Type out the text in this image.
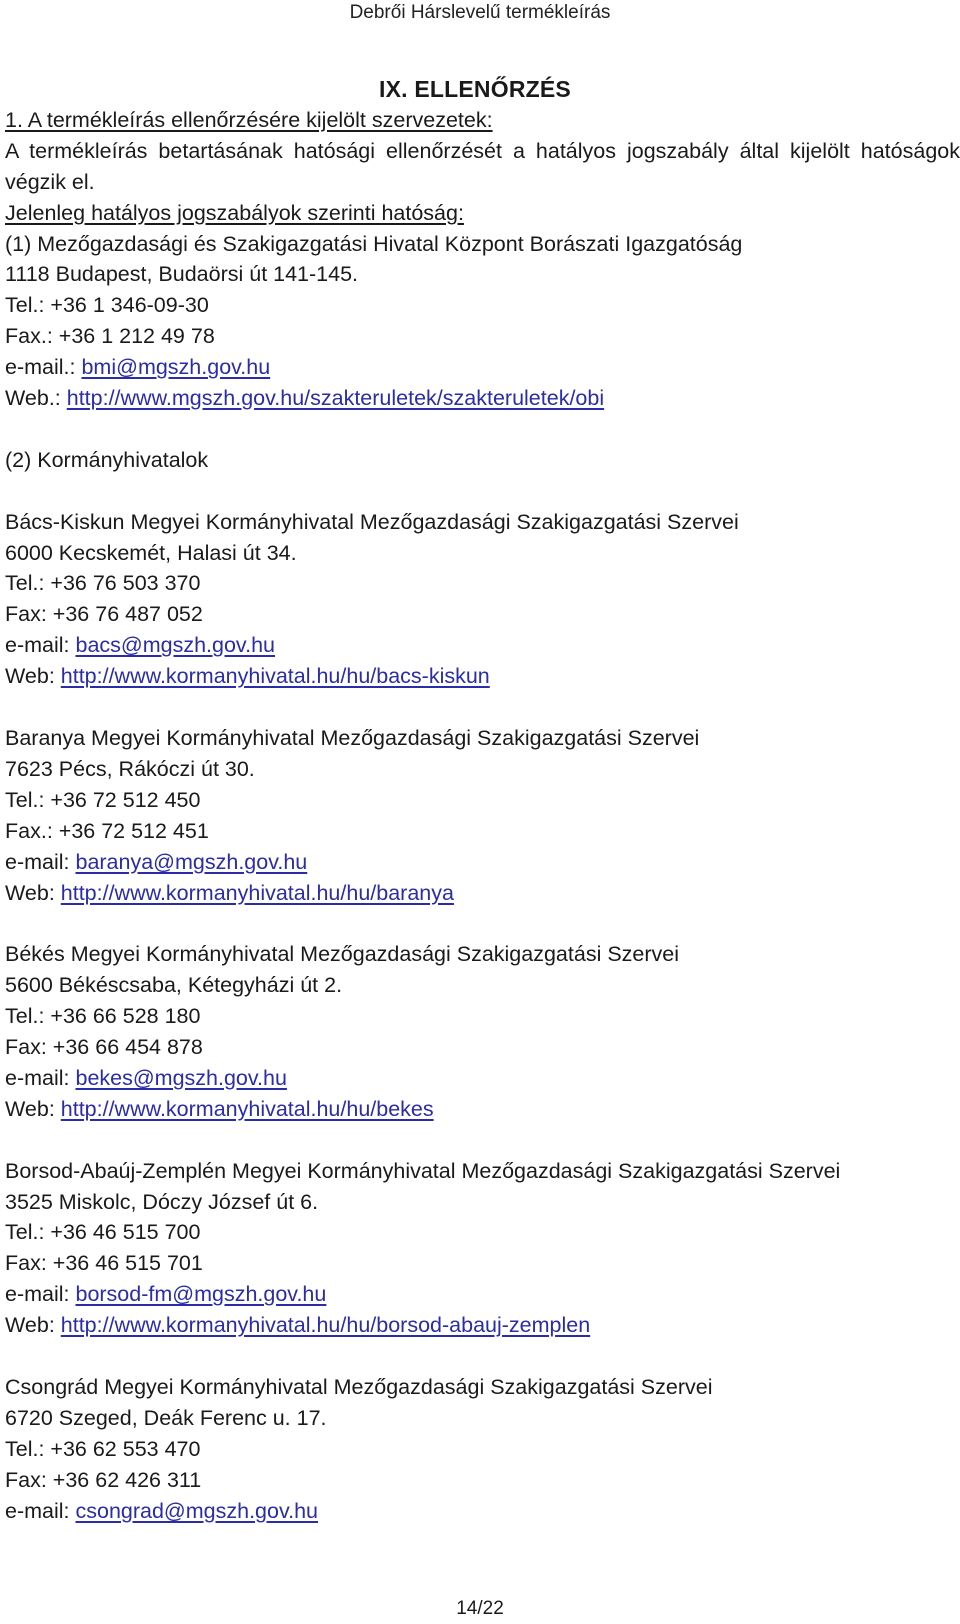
Debrői Hárslevelű termékleírás
IX. ELLENŐRZÉS
1. A termékleírás ellenőrzésére kijelölt szervezetek:
A termékleírás betartásának hatósági ellenőrzését a hatályos jogszabály által kijelölt hatóságok végzik el.
Jelenleg hatályos jogszabályok szerinti hatóság:
(1) Mezőgazdasági és Szakigazgatási Hivatal Központ Borászati Igazgatóság
1118 Budapest, Budaörsi út 141-145.
Tel.: +36 1 346-09-30
Fax.: +36 1 212 49 78
e-mail.: bmi@mgszh.gov.hu
Web.: http://www.mgszh.gov.hu/szakteruletek/szakteruletek/obi
(2) Kormányhivatalok
Bács-Kiskun Megyei Kormányhivatal Mezőgazdasági Szakigazgatási Szervei
6000 Kecskemét, Halasi út 34.
Tel.: +36 76 503 370
Fax: +36 76 487 052
e-mail: bacs@mgszh.gov.hu
Web: http://www.kormanyhivatal.hu/hu/bacs-kiskun
Baranya Megyei Kormányhivatal Mezőgazdasági Szakigazgatási Szervei
7623 Pécs, Rákóczi út 30.
Tel.: +36 72 512 450
Fax.: +36 72 512 451
e-mail: baranya@mgszh.gov.hu
Web: http://www.kormanyhivatal.hu/hu/baranya
Békés Megyei Kormányhivatal Mezőgazdasági Szakigazgatási Szervei
5600 Békéscsaba, Kétegyházi út 2.
Tel.: +36 66 528 180
Fax: +36 66 454 878
e-mail: bekes@mgszh.gov.hu
Web: http://www.kormanyhivatal.hu/hu/bekes
Borsod-Abaúj-Zemplén Megyei Kormányhivatal Mezőgazdasági Szakigazgatási Szervei
3525 Miskolc, Dóczy József út 6.
Tel.: +36 46 515 700
Fax: +36 46 515 701
e-mail: borsod-fm@mgszh.gov.hu
Web: http://www.kormanyhivatal.hu/hu/borsod-abauj-zemplen
Csongrád Megyei Kormányhivatal Mezőgazdasági Szakigazgatási Szervei
6720 Szeged, Deák Ferenc u. 17.
Tel.: +36 62 553 470
Fax: +36 62 426 311
e-mail: csongrad@mgszh.gov.hu
14/22
